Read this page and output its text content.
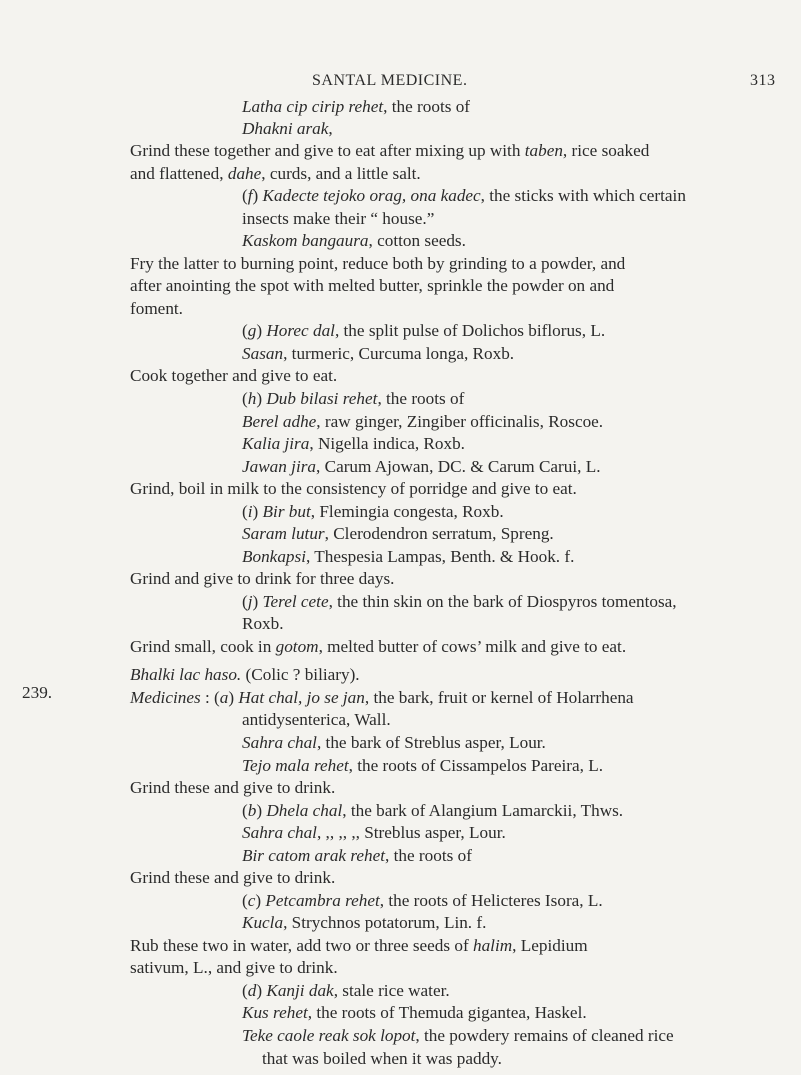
SANTAL MEDICINE.	313
239.
Latha cip cirip rehet, the roots of
Dhakni arak,
Grind these together and give to eat after mixing up with taben, rice soaked
and flattened, dahe, curds, and a little salt.
(f) Kadecte tejoko orag, ona kadec, the sticks with which certain
insects make their “ house.”
Kaskom bangaura, cotton seeds.
Fry the latter to burning point, reduce both by grinding to a powder, and
after anointing the spot with melted butter, sprinkle the powder on and
foment.
(g) Horec dal, the split pulse of Dolichos biflorus, L.
Sasan, turmeric, Curcuma longa, Roxb.
Cook together and give to eat.
(h) Dub bilasi rehet, the roots of
Berel adhe, raw ginger, Zingiber officinalis, Roscoe.
Kalia jira, Nigella indica, Roxb.
Jawan jira, Carum Ajowan, DC. & Carum Carui, L.
Grind, boil in milk to the consistency of porridge and give to eat.
(i) Bir but, Flemingia congesta, Roxb.
Saram lutur, Clerodendron serratum, Spreng.
Bonkapsi, Thespesia Lampas, Benth. & Hook. f.
Grind and give to drink for three days.
(j) Terel cete, the thin skin on the bark of Diospyros tomentosa,
Roxb.
Grind small, cook in gotom, melted butter of cows’ milk and give to eat.
Bhalki lac haso. (Colic ? biliary).
Medicines : (a) Hat chal, jo se jan, the bark, fruit or kernel of Holarrhena
antidysenterica, Wall.
Sahra chal, the bark of Streblus asper, Lour.
Tejo mala rehet, the roots of Cissampelos Pareira, L.
Grind these and give to drink.
(b) Dhela chal, the bark of Alangium Lamarckii, Thws.
Sahra chal, ,, ,, ,, Streblus asper, Lour.
Bir catom arak rehet, the roots of
Grind these and give to drink.
(c) Petcambra rehet, the roots of Helicteres Isora, L.
Kucla, Strychnos potatorum, Lin. f.
Rub these two in water, add two or three seeds of halim, Lepidium
sativum, L., and give to drink.
(d) Kanji dak, stale rice water.
Kus rehet, the roots of Themuda gigantea, Haskel.
Teke caole reak sok lopot, the powdery remains of cleaned rice
that was boiled when it was paddy.
